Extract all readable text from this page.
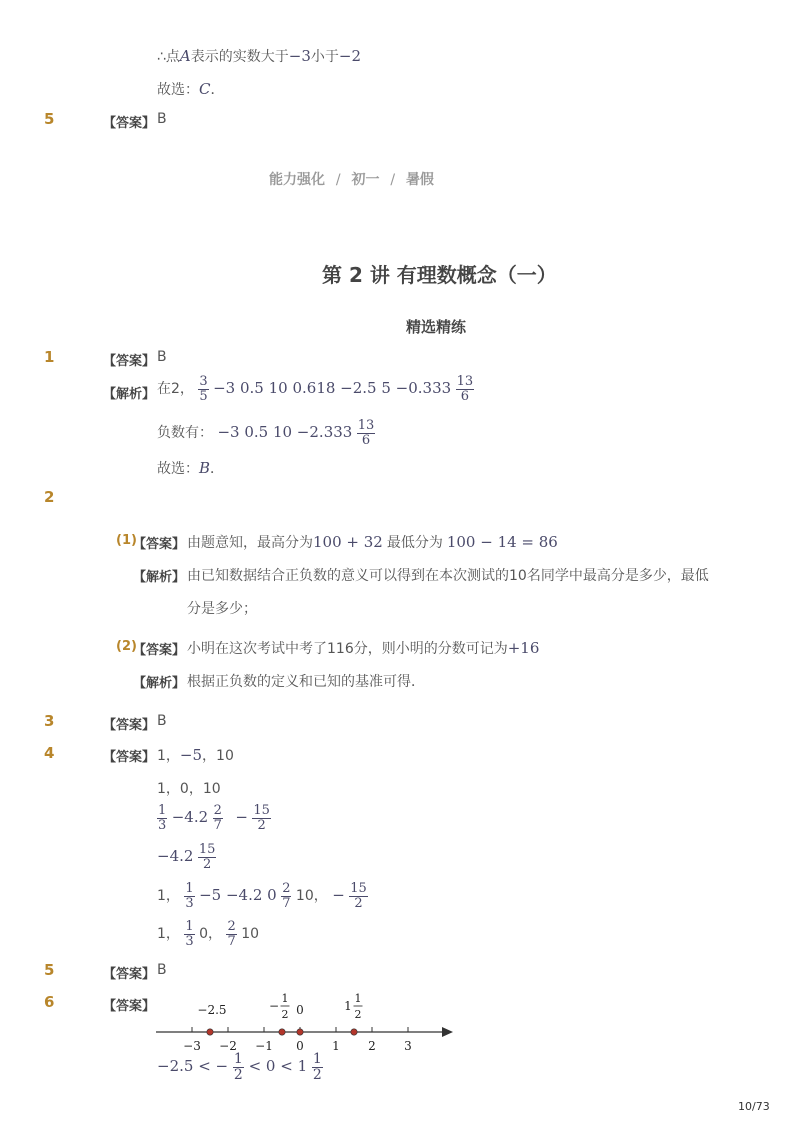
∴点A表示的实数大于−3小于−2
故选：C．
5	【答案】 B
能力强化 / 初一 / 暑假
第 2 讲 有理数概念（一）
精选精练
1	【答案】 B
【解析】 在2， $\frac{3}{5} -3$ 0.5 10 0.618 −2.5 $5 -0.333 \frac{13}{6}$
负数有： −3 0.5 $10 -2.333 \frac{13}{6}$
故选：B．
2
(1)
【答案】 由题意知，最高分为100 + 32 最低分为 100 − 14 = 86
【解析】 由已知数据结合正负数的意义可以得到在本次测试的10名同学中最高分是多少，最低
分是多少；
(2)
【答案】 小明在这次考试中考了116分，则小明的分数可记为+16
【解析】 根据正负数的定义和已知的基准可得．
3	【答案】 B
4	【答案】 1，−5，10
1，0，10
$\frac{1}{3} -4.2 \frac{2}{7} - \frac{15}{2}$
$-4.2 \frac{15}{2}$
1， $\frac{1}{3} -5 -4.2$ $0 \frac{2}{7} 10$， − $\frac{15}{2}$
1， $\frac{1}{3} 0$， $\frac{2}{7} 10$
5	【答案】 B
6	【答案】
−3 −2 −1 0 1 2 3
−2.5	−
1
2 0	1
1
2
−2.5 < − $\frac{1}{2} < 0 < 1 \frac{1}{2}$
10/73
